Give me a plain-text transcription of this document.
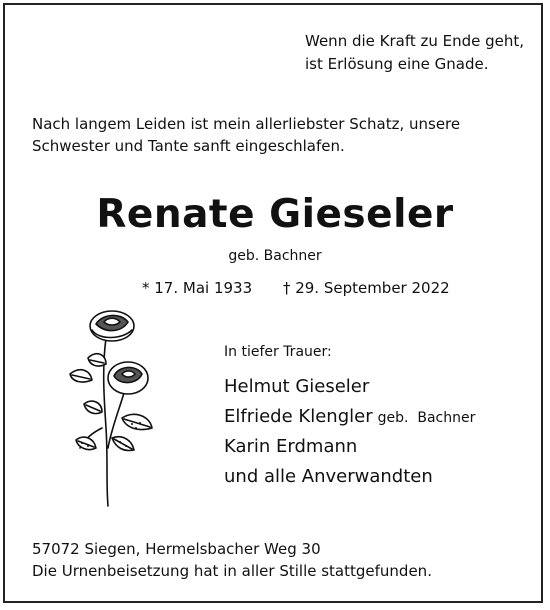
Wenn die Kraft zu Ende geht,
ist Erlösung eine Gnade.
Nach langem Leiden ist mein allerliebster Schatz, unsere Schwester und Tante sanft eingeschlafen.
Renate Gieseler
geb. Bachner
* 17. Mai 1933 † 29. September 2022
In tiefer Trauer:
Helmut Gieseler
Elfriede Klengler geb.  Bachner
Karin Erdmann
und alle Anverwandten
57072 Siegen, Hermelsbacher Weg 30
Die Urnenbeisetzung hat in aller Stille stattgefunden.
